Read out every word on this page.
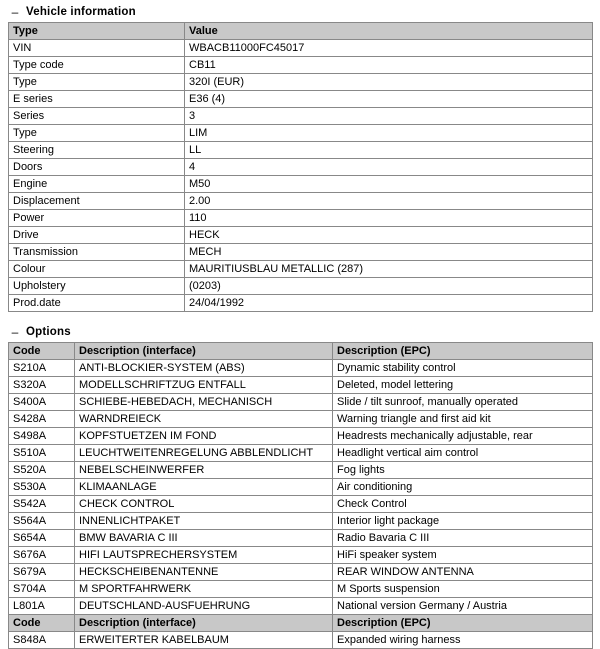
– Vehicle information
Type	Value
VIN	WBACB11000FC45017
Type code	CB11
Type	320I (EUR)
E series	E36 (4)
Series	3
Type	LIM
Steering	LL
Doors	4
Engine	M50
Displacement	2.00
Power	110
Drive	HECK
Transmission	MECH
Colour	MAURITIUSBLAU METALLIC (287)
Upholstery	(0203)
Prod.date	24/04/1992
– Options
Code	Description (interface)	Description (EPC)
S210A	ANTI-BLOCKIER-SYSTEM (ABS)	Dynamic stability control
S320A	MODELLSCHRIFTZUG ENTFALL	Deleted, model lettering
S400A	SCHIEBE-HEBEDACH, MECHANISCH	Slide / tilt sunroof, manually operated
S428A	WARNDREIECK	Warning triangle and first aid kit
S498A	KOPFSTUETZEN IM FOND	Headrests mechanically adjustable, rear
S510A	LEUCHTWEITENREGELUNG ABBLENDLICHT	Headlight vertical aim control
S520A	NEBELSCHEINWERFER	Fog lights
S530A	KLIMAANLAGE	Air conditioning
S542A	CHECK CONTROL	Check Control
S564A	INNENLICHTPAKET	Interior light package
S654A	BMW BAVARIA C III	Radio Bavaria C III
S676A	HIFI LAUTSPRECHERSYSTEM	HiFi speaker system
S679A	HECKSCHEIBENANTENNE	REAR WINDOW ANTENNA
S704A	M SPORTFAHRWERK	M Sports suspension
L801A	DEUTSCHLAND-AUSFUEHRUNG	National version Germany / Austria
Code	Description (interface)	Description (EPC)
S848A	ERWEITERTER KABELBAUM	Expanded wiring harness
